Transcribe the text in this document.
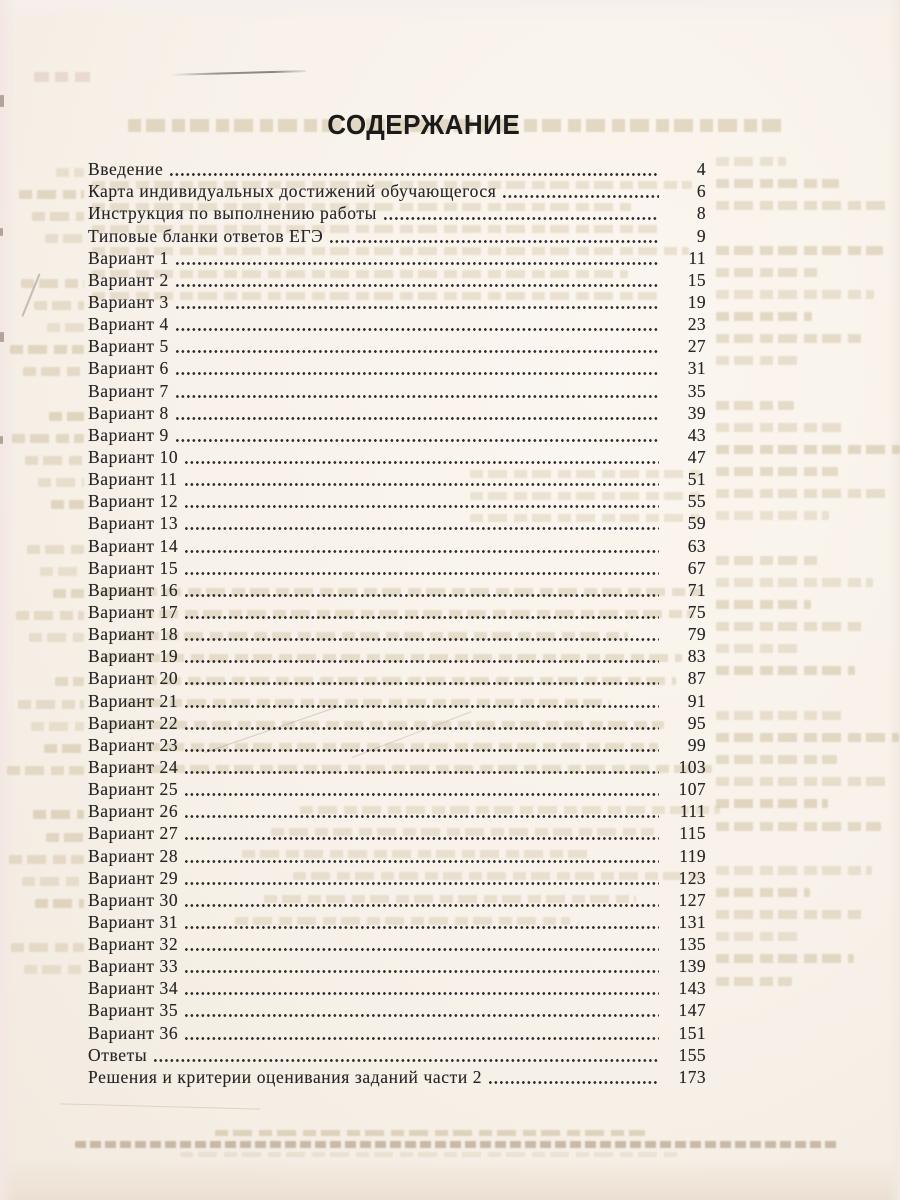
СОДЕРЖАНИЕ
Введение	4
Карта индивидуальных достижений обучающегося	6
Инструкция по выполнению работы	8
Типовые бланки ответов ЕГЭ	9
Вариант 1	11
Вариант 2	15
Вариант 3	19
Вариант 4	23
Вариант 5	27
Вариант 6	31
Вариант 7	35
Вариант 8	39
Вариант 9	43
Вариант 10	47
Вариант 11	51
Вариант 12	55
Вариант 13	59
Вариант 14	63
Вариант 15	67
Вариант 16	71
Вариант 17	75
Вариант 18	79
Вариант 19	83
Вариант 20	87
Вариант 21	91
Вариант 22	95
Вариант 23	99
Вариант 24	103
Вариант 25	107
Вариант 26	111
Вариант 27	115
Вариант 28	119
Вариант 29	123
Вариант 30	127
Вариант 31	131
Вариант 32	135
Вариант 33	139
Вариант 34	143
Вариант 35	147
Вариант 36	151
Ответы	155
Решения и критерии оценивания заданий части 2	173
